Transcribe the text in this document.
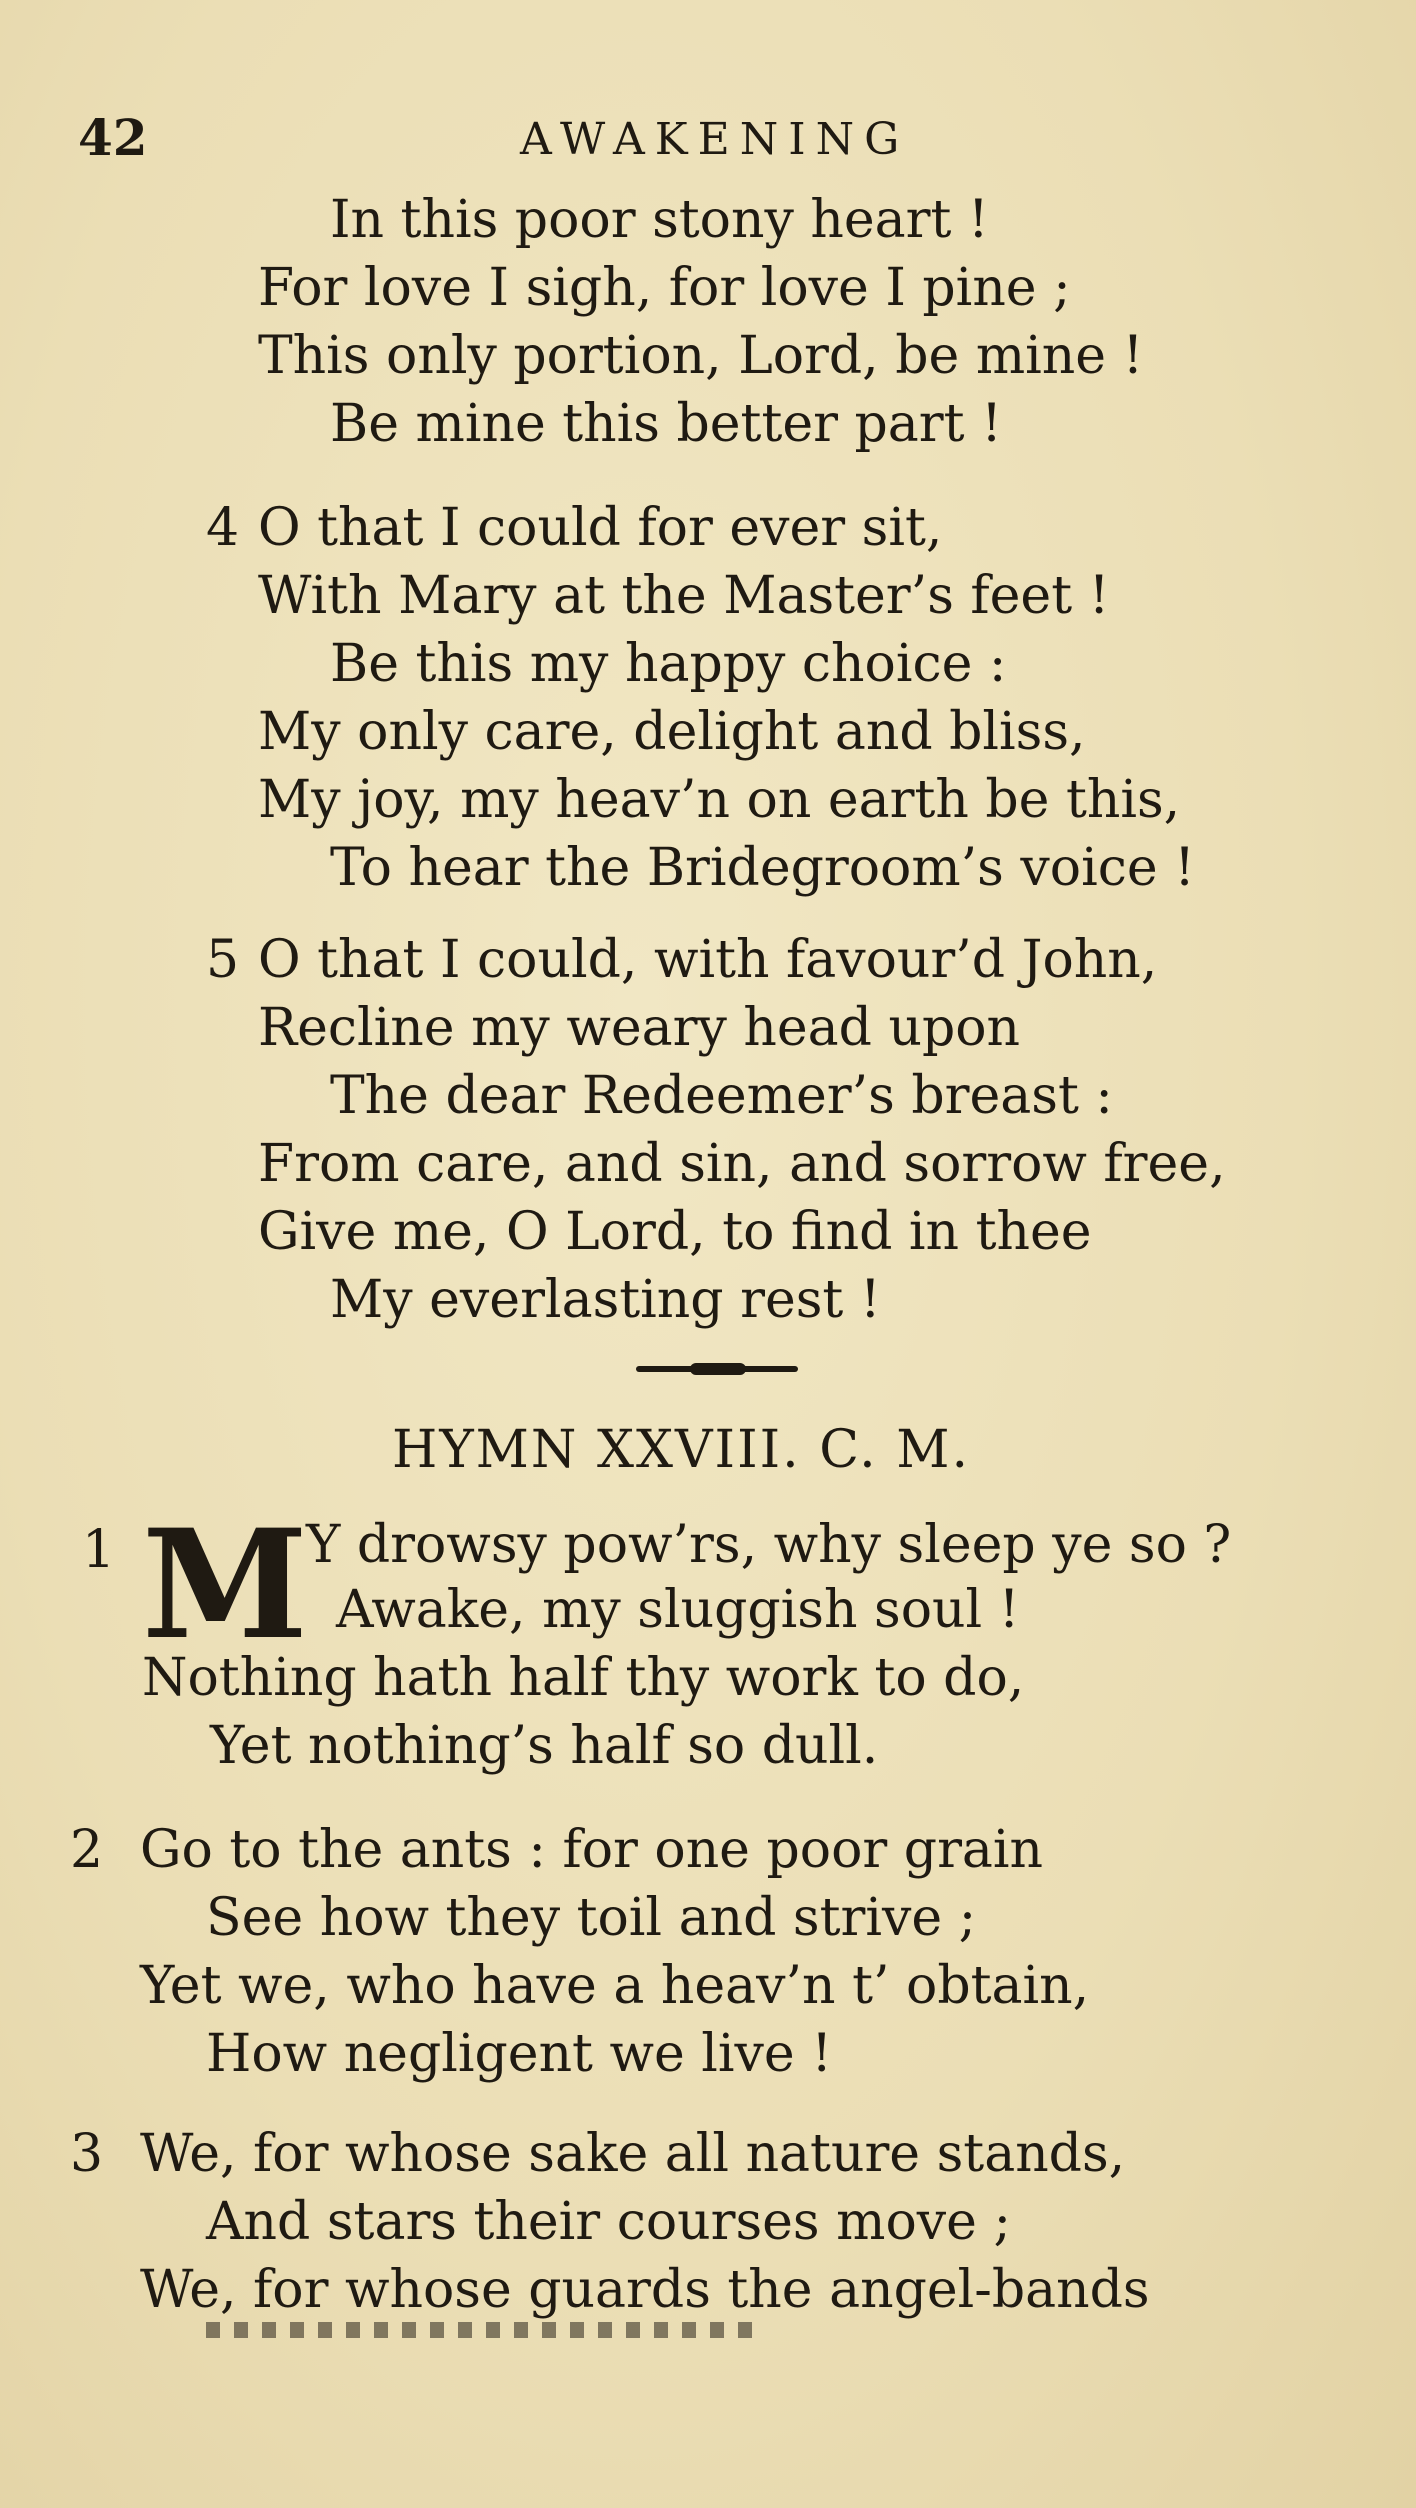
42	AWAKENING
In this poor stony heart !
For love I sigh, for love I pine ;
This only portion, Lord, be mine !
Be mine this better part !
4 O that I could for ever sit,
With Mary at the Master’s feet !
Be this my happy choice :
My only care, delight and bliss,
My joy, my heav’n on earth be this,
To hear the Bridegroom’s voice !
5 O that I could, with favour’d John,
Recline my weary head upon
The dear Redeemer’s breast :
From care, and sin, and sorrow free,
Give me, O Lord, to find in thee
My everlasting rest !
HYMN XXVIII. C. M.
1 M
Y drowsy pow’rs, why sleep ye so ?
Awake, my sluggish soul !
Nothing hath half thy work to do,
Yet nothing’s half so dull.
2 Go to the ants : for one poor grain
See how they toil and strive ;
Yet we, who have a heav’n t’ obtain,
How negligent we live !
3 We, for whose sake all nature stands,
And stars their courses move ;
We, for whose guards the angel-bands
